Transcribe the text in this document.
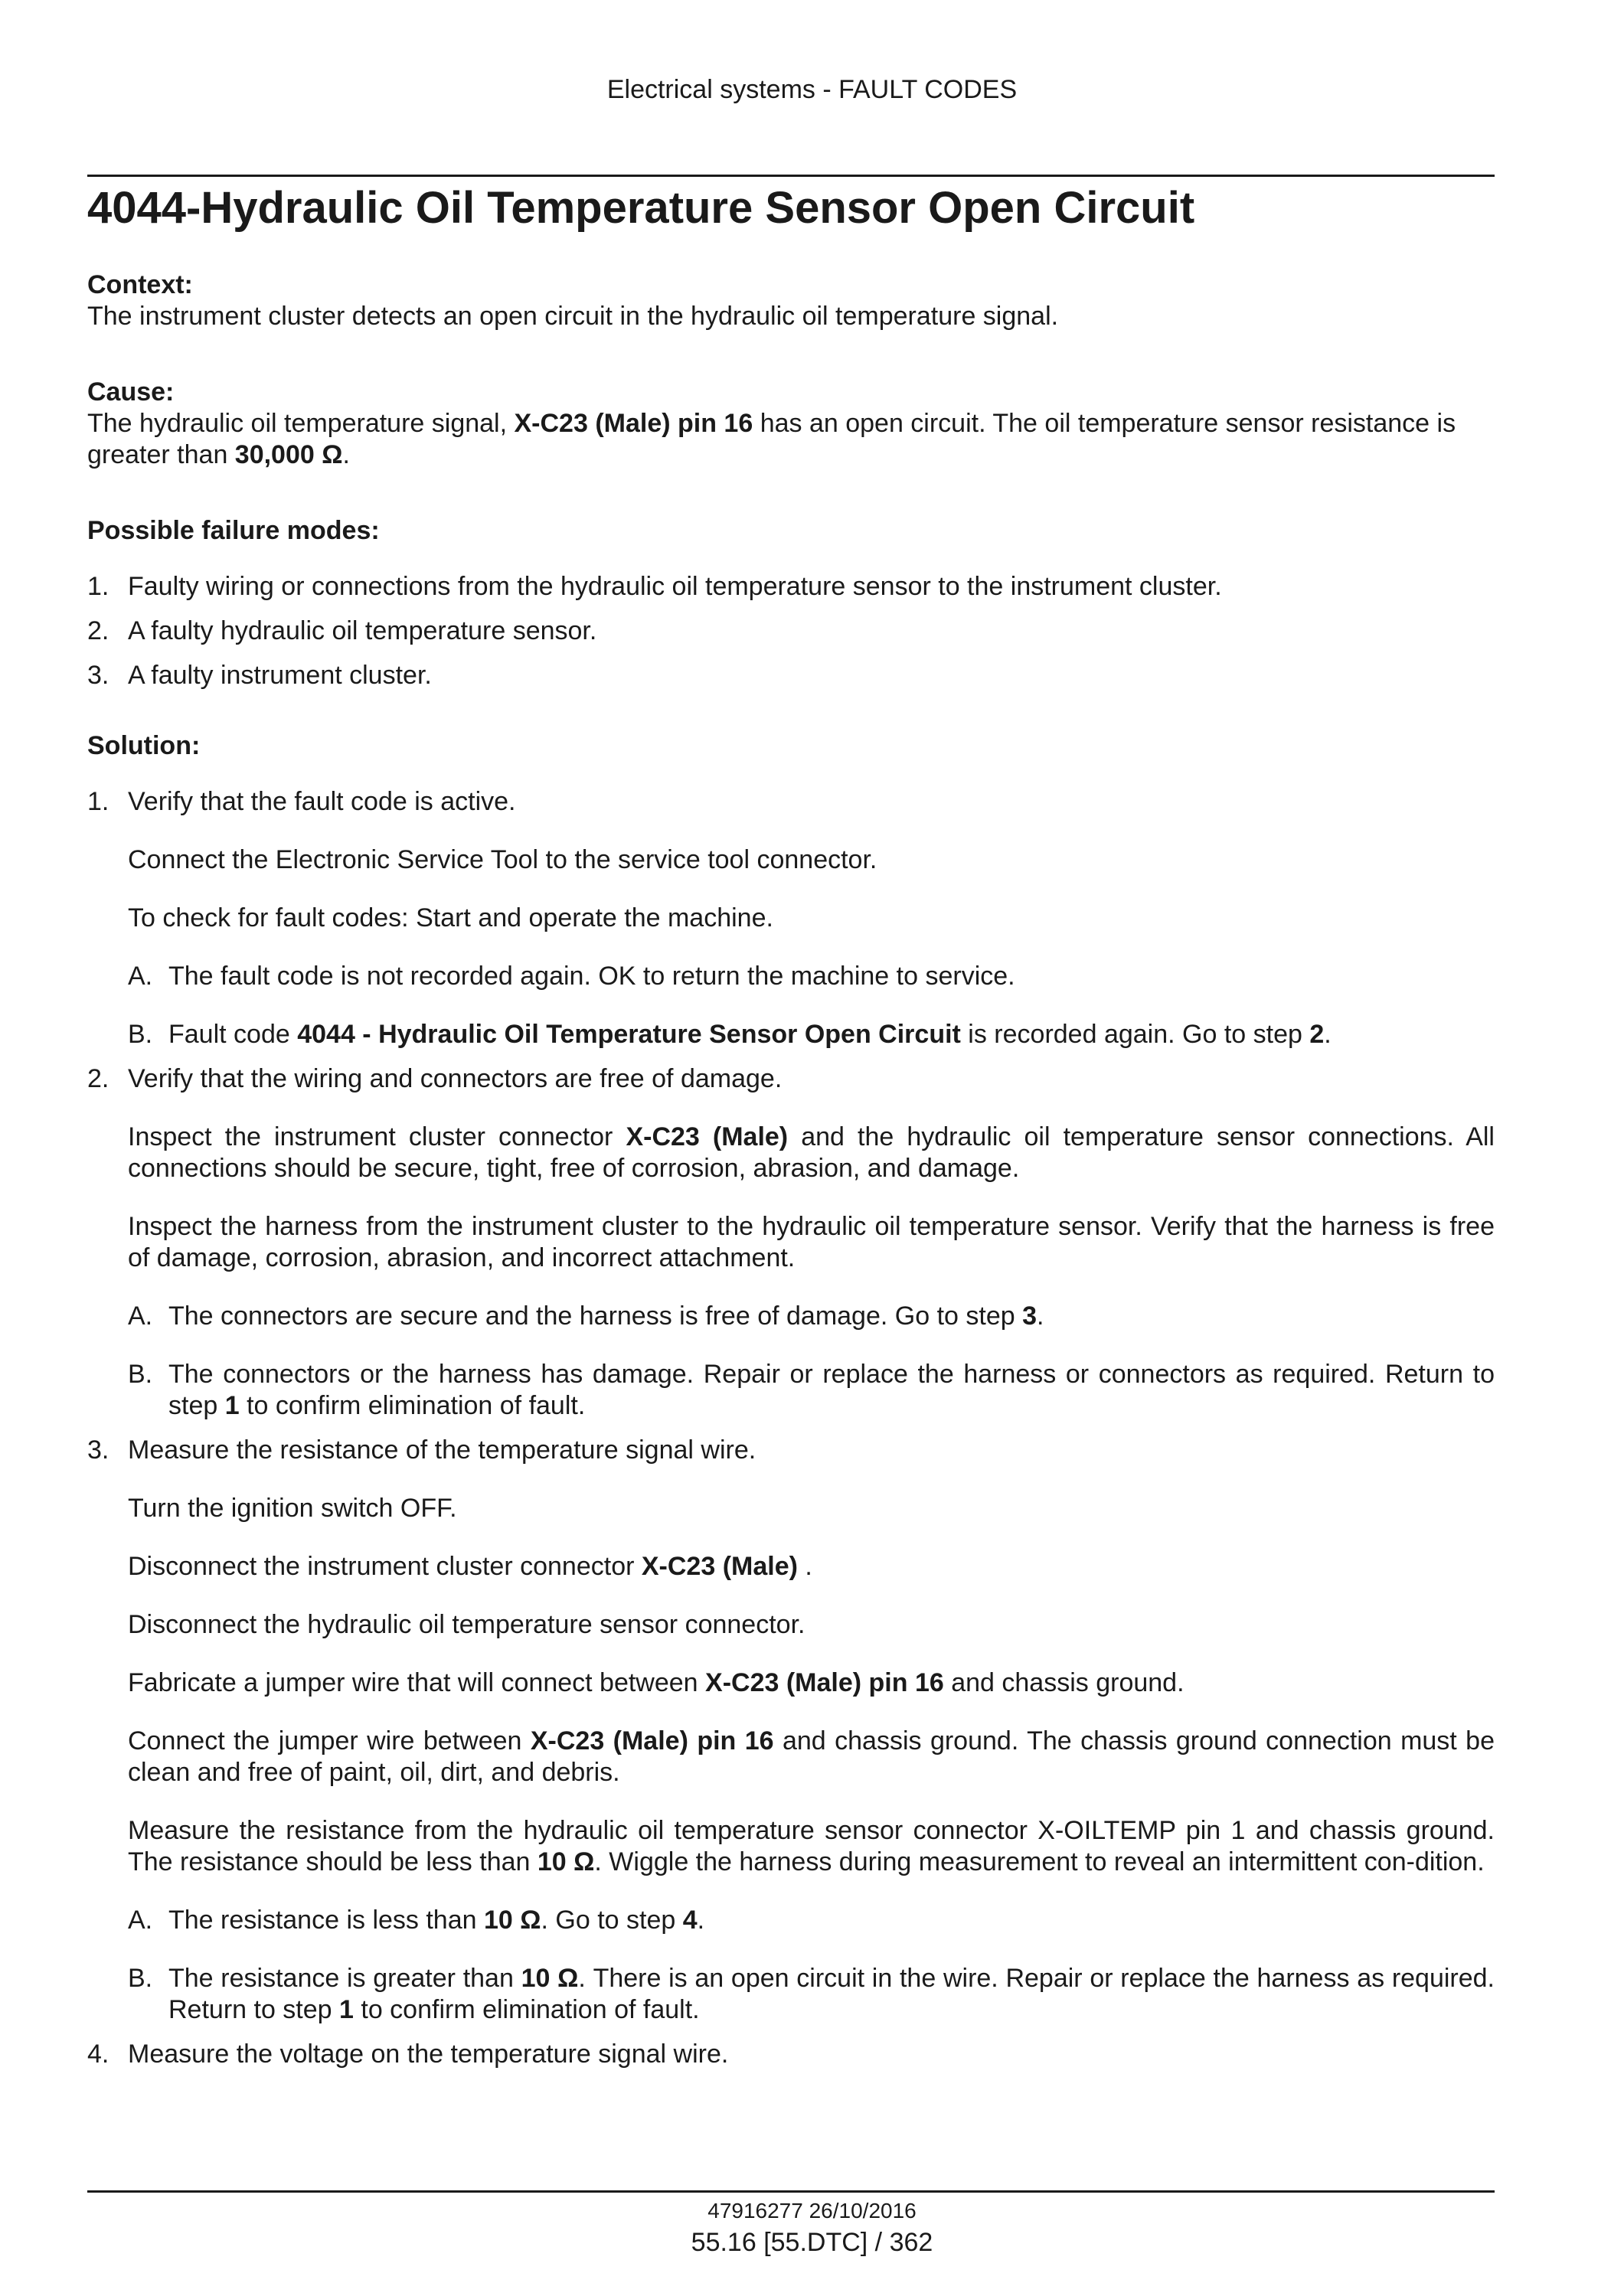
Electrical systems - FAULT CODES
4044-Hydraulic Oil Temperature Sensor Open Circuit
Context:

The instrument cluster detects an open circuit in the hydraulic oil temperature signal.

Cause:

The hydraulic oil temperature signal, X-C23 (Male) pin 16 has an open circuit. The oil temperature sensor resistance is greater than 30,000 Ω.

Possible failure modes:
1. Faulty wiring or connections from the hydraulic oil temperature sensor to the instrument cluster.
2. A faulty hydraulic oil temperature sensor.
3. A faulty instrument cluster.
Solution:
1. Verify that the fault code is active.

Connect the Electronic Service Tool to the service tool connector.

To check for fault codes: Start and operate the machine.

A. The fault code is not recorded again. OK to return the machine to service.
B. Fault code 4044 - Hydraulic Oil Temperature Sensor Open Circuit is recorded again. Go to step 2.
2. Verify that the wiring and connectors are free of damage.

Inspect the instrument cluster connector X-C23 (Male) and the hydraulic oil temperature sensor connections. All connections should be secure, tight, free of corrosion, abrasion, and damage.

Inspect the harness from the instrument cluster to the hydraulic oil temperature sensor. Verify that the harness is free of damage, corrosion, abrasion, and incorrect attachment.

A. The connectors are secure and the harness is free of damage. Go to step 3.
B. The connectors or the harness has damage. Repair or replace the harness or connectors as required. Return to step 1 to confirm elimination of fault.
3. Measure the resistance of the temperature signal wire.

Turn the ignition switch OFF.

Disconnect the instrument cluster connector X-C23 (Male) .

Disconnect the hydraulic oil temperature sensor connector.

Fabricate a jumper wire that will connect between X-C23 (Male) pin 16 and chassis ground.

Connect the jumper wire between X-C23 (Male) pin 16 and chassis ground. The chassis ground connection must be clean and free of paint, oil, dirt, and debris.

Measure the resistance from the hydraulic oil temperature sensor connector X-OILTEMP pin 1 and chassis ground. The resistance should be less than 10 Ω. Wiggle the harness during measurement to reveal an intermittent con-dition.

A. The resistance is less than 10 Ω. Go to step 4.
B. The resistance is greater than 10 Ω. There is an open circuit in the wire. Repair or replace the harness as required. Return to step 1 to confirm elimination of fault.
4. Measure the voltage on the temperature signal wire.

47916277 26/10/2016
55.16 [55.DTC] / 362
